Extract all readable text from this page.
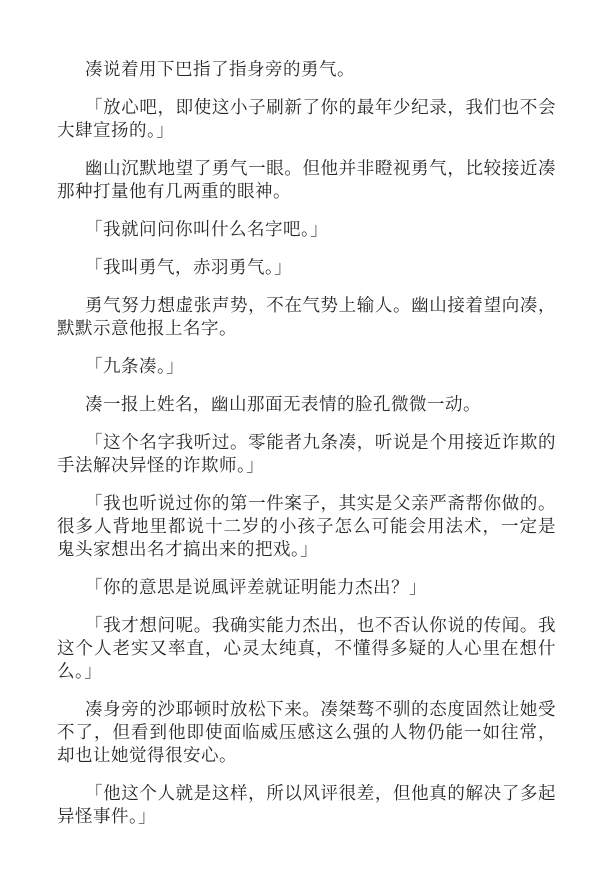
凑说着用下巴指了指身旁的勇气。

「放心吧，即使这小子刷新了你的最年少纪录，我们也不会大肆宣扬的。」

幽山沉默地望了勇气一眼。但他并非瞪视勇气，比较接近凑那种打量他有几两重的眼神。

「我就问问你叫什么名字吧。」

「我叫勇气，赤羽勇气。」

勇气努力想虚张声势，不在气势上输人。幽山接着望向凑，默默示意他报上名字。

「九条凑。」

凑一报上姓名，幽山那面无表情的脸孔微微一动。

「这个名字我听过。零能者九条凑，听说是个用接近诈欺的手法解决异怪的诈欺师。」

「我也听说过你的第一件案子，其实是父亲严斋帮你做的。很多人背地里都说十二岁的小孩子怎么可能会用法术，一定是鬼头家想出名才搞出来的把戏。」

「你的意思是说風评差就证明能力杰出？」

「我才想问呢。我确实能力杰出，也不否认你说的传闻。我这个人老实又率直，心灵太纯真，不懂得多疑的人心里在想什么。」

凑身旁的沙耶顿时放松下来。凑桀骜不驯的态度固然让她受不了，但看到他即使面临威压感这么强的人物仍能一如往常，却也让她觉得很安心。

「他这个人就是这样，所以风评很差，但他真的解决了多起异怪事件。」
